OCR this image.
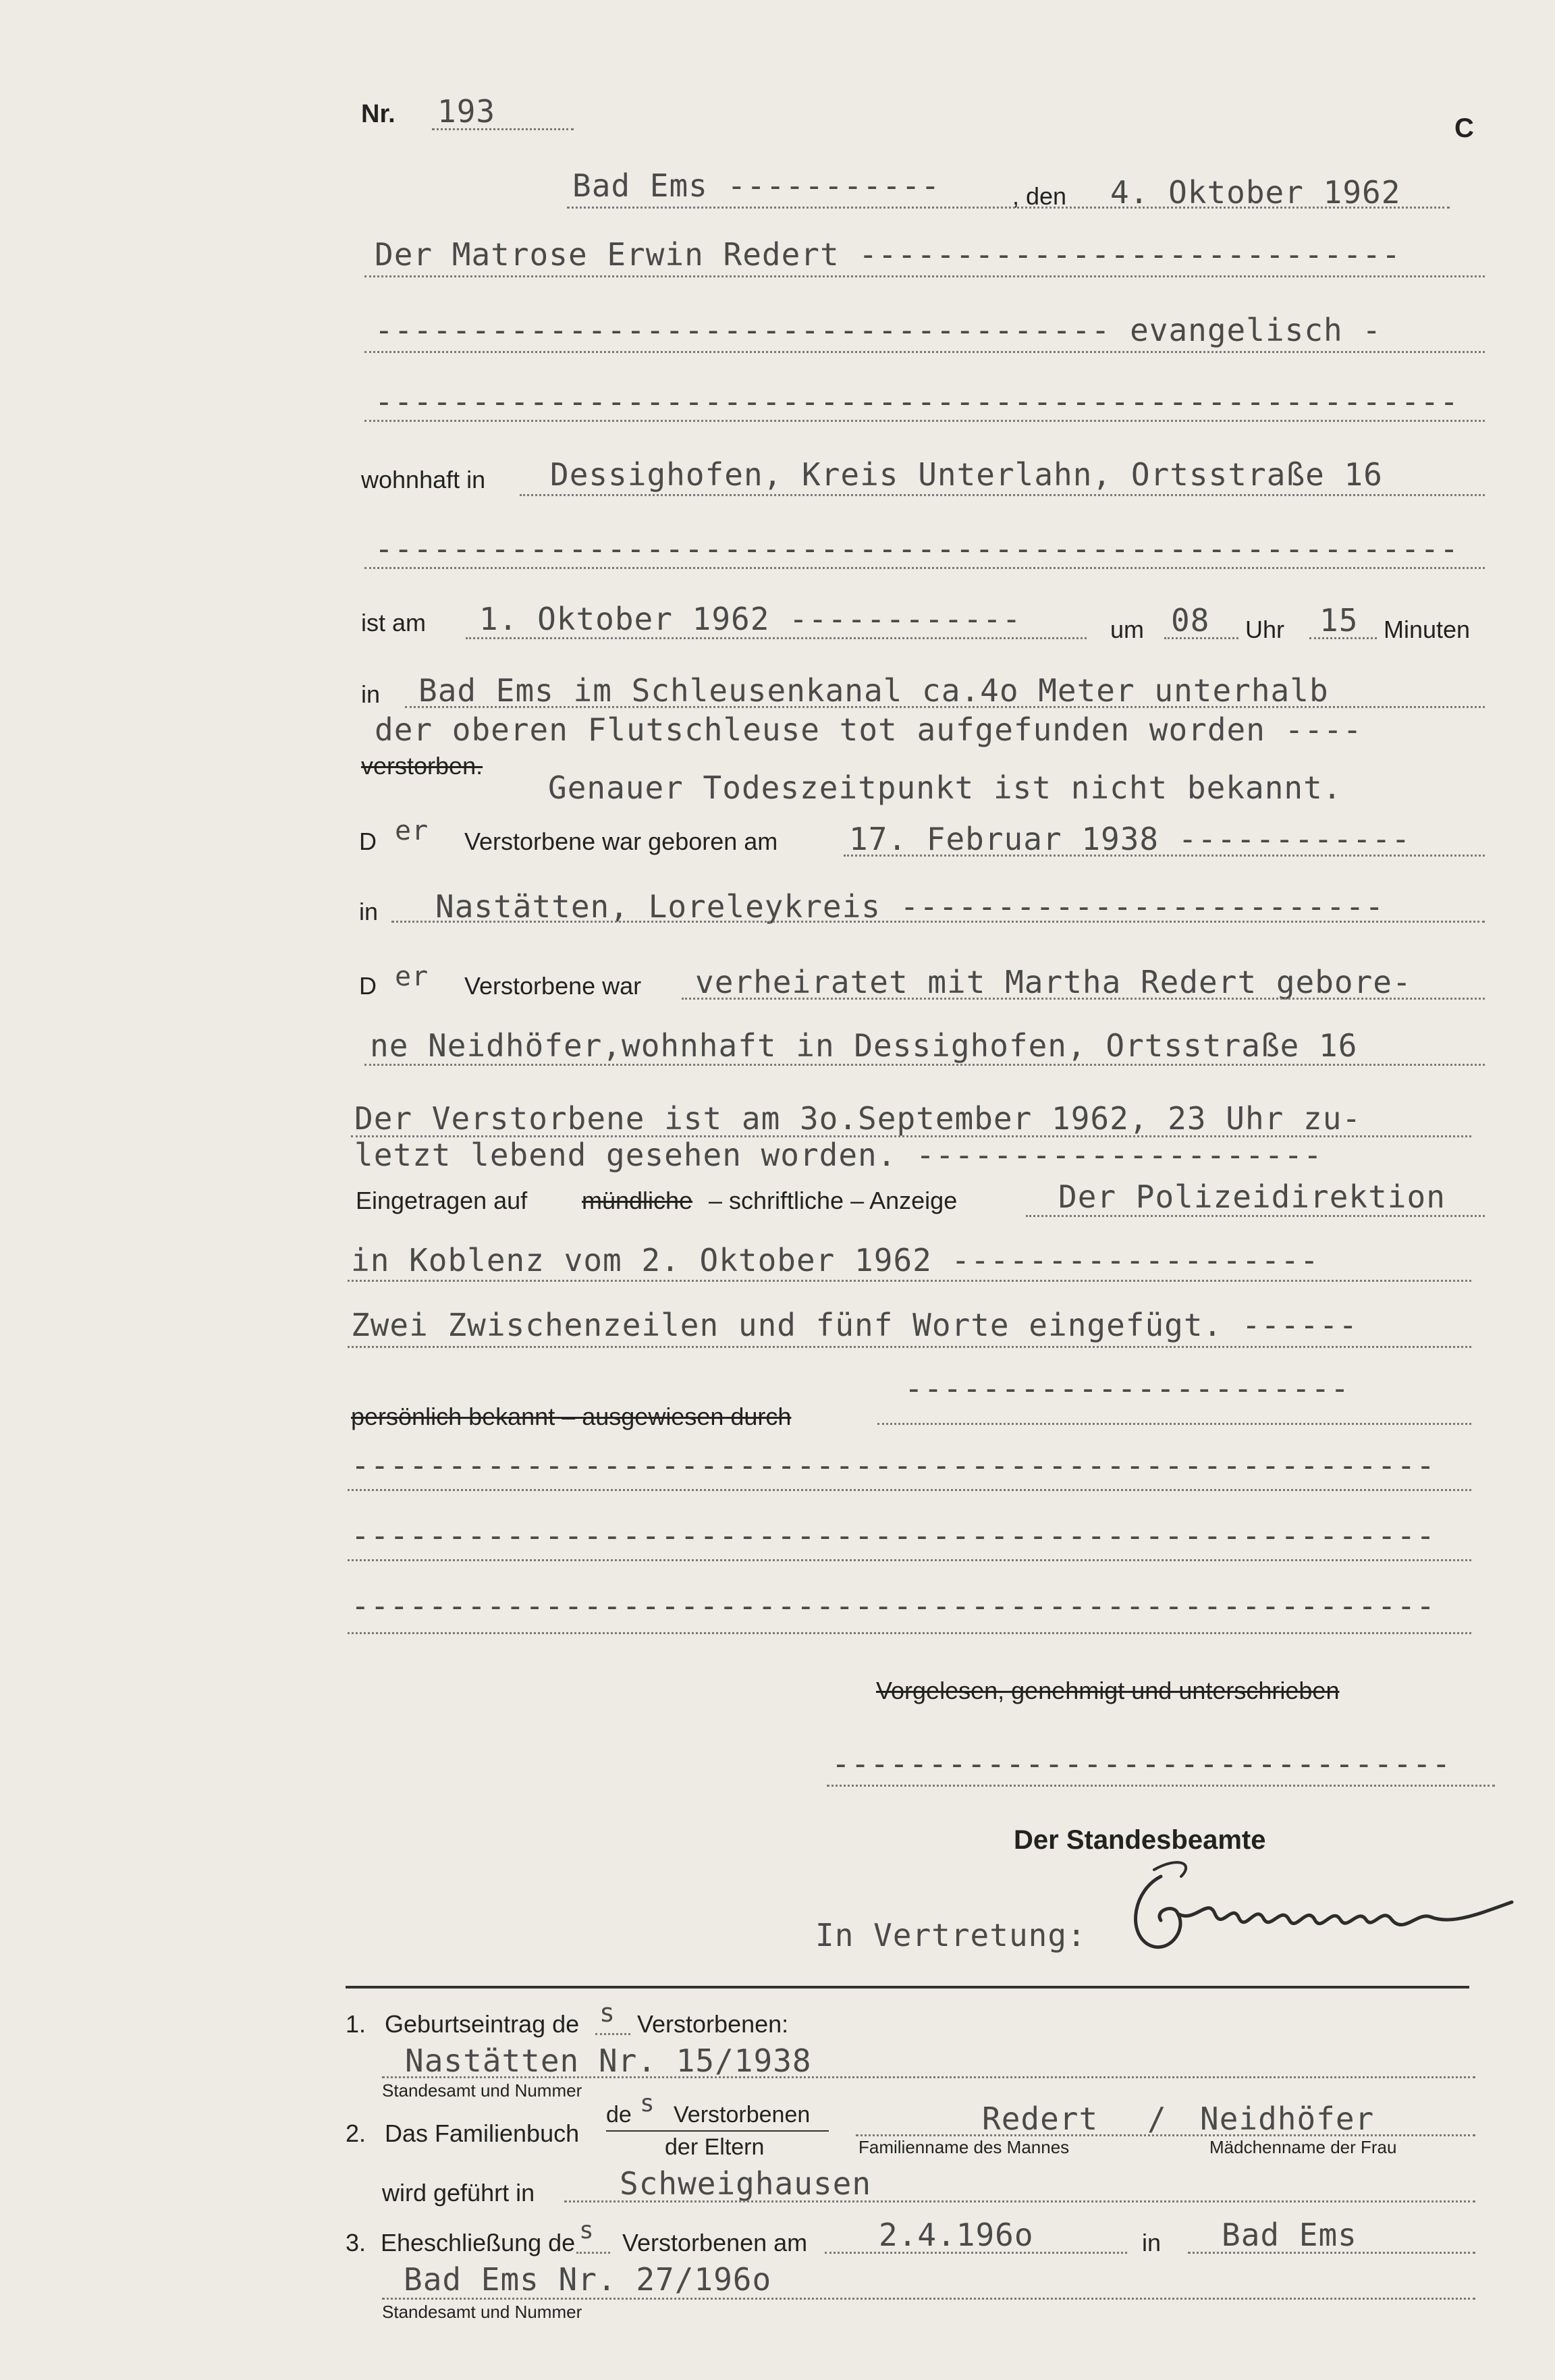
Nr. 193	C
Bad Ems -----------	, den 4. Oktober 1962
Der Matrose Erwin Redert ----------------------------
-------------------------------------- evangelisch -
--------------------------------------------------------
wohnhaft in Dessighofen, Kreis Unterlahn, Ortsstraße 16
--------------------------------------------------------
ist am 1. Oktober 1962 ------------	um 08 Uhr 15 Minuten
in Bad Ems im Schleusenkanal ca.4o Meter unterhalb
der oberen Flutschleuse tot aufgefunden worden ----
verstorben.
Genauer Todeszeitpunkt ist nicht bekannt.
D er Verstorbene war geboren am 17. Februar 1938 ------------
in Nastätten, Loreleykreis -------------------------
D er Verstorbene war verheiratet mit Martha Redert gebore-
ne Neidhöfer,wohnhaft in Dessighofen, Ortsstraße 16
Der Verstorbene ist am 3o.September 1962, 23 Uhr zu-
letzt lebend gesehen worden. ---------------------
Eingetragen auf mündliche – schriftliche – Anzeige	Der Polizeidirektion
in Koblenz vom 2. Oktober 1962 -------------------
Zwei Zwischenzeilen und fünf Worte eingefügt. ------
-----------------------
persönlich bekannt – ausgewiesen durch
--------------------------------------------------------
--------------------------------------------------------
--------------------------------------------------------
Vorgelesen, genehmigt und unterschrieben
--------------------------------
Der Standesbeamte
In Vertretung:
1. Geburtseintrag de s Verstorbenen:
Nastätten Nr. 15/1938
Standesamt und Nummer
2. Das Familienbuch
de s Verstorbenen
der Eltern
Redert / Neidhöfer
Familienname des Mannes	Mädchenname der Frau
wird geführt in	Schweighausen
3. Eheschließung de s Verstorbenen am 2.4.196o	in Bad Ems
Bad Ems Nr. 27/196o
Standesamt und Nummer
